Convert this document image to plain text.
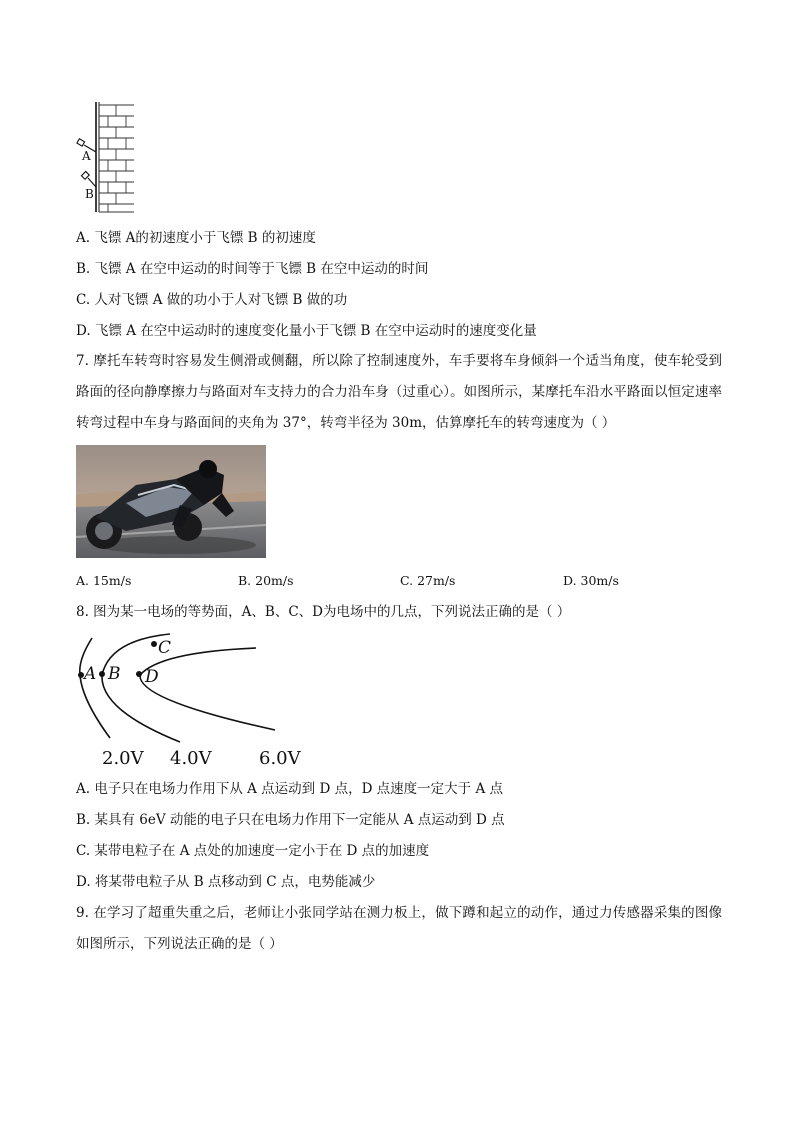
A
B
A. 飞镖 A的初速度小于飞镖 B 的初速度
B. 飞镖 A 在空中运动的时间等于飞镖 B 在空中运动的时间
C. 人对飞镖 A 做的功小于人对飞镖 B 做的功
D. 飞镖 A 在空中运动时的速度变化量小于飞镖 B 在空中运动时的速度变化量
7. 摩托车转弯时容易发生侧滑或侧翻，所以除了控制速度外，车手要将车身倾斜一个适当角度，使车轮受到路面的径向静摩擦力与路面对车支持力的合力沿车身（过重心）。如图所示，某摩托车沿水平路面以恒定速率转弯过程中车身与路面间的夹角为 37°，转弯半径为 30m，估算摩托车的转弯速度为（ ）
A. 15m/s	B. 20m/s	C. 27m/s	D. 30m/s
8. 图为某一电场的等势面，A、B、C、D为电场中的几点，下列说法正确的是（ ）
A B
C
D
2.0V 4.0V	6.0V
A. 电子只在电场力作用下从 A 点运动到 D 点，D 点速度一定大于 A 点
B. 某具有 6eV 动能的电子只在电场力作用下一定能从 A 点运动到 D 点
C. 某带电粒子在 A 点处的加速度一定小于在 D 点的加速度
D. 将某带电粒子从 B 点移动到 C 点，电势能减少
9. 在学习了超重失重之后，老师让小张同学站在测力板上，做下蹲和起立的动作，通过力传感器采集的图像如图所示，下列说法正确的是（ ）
